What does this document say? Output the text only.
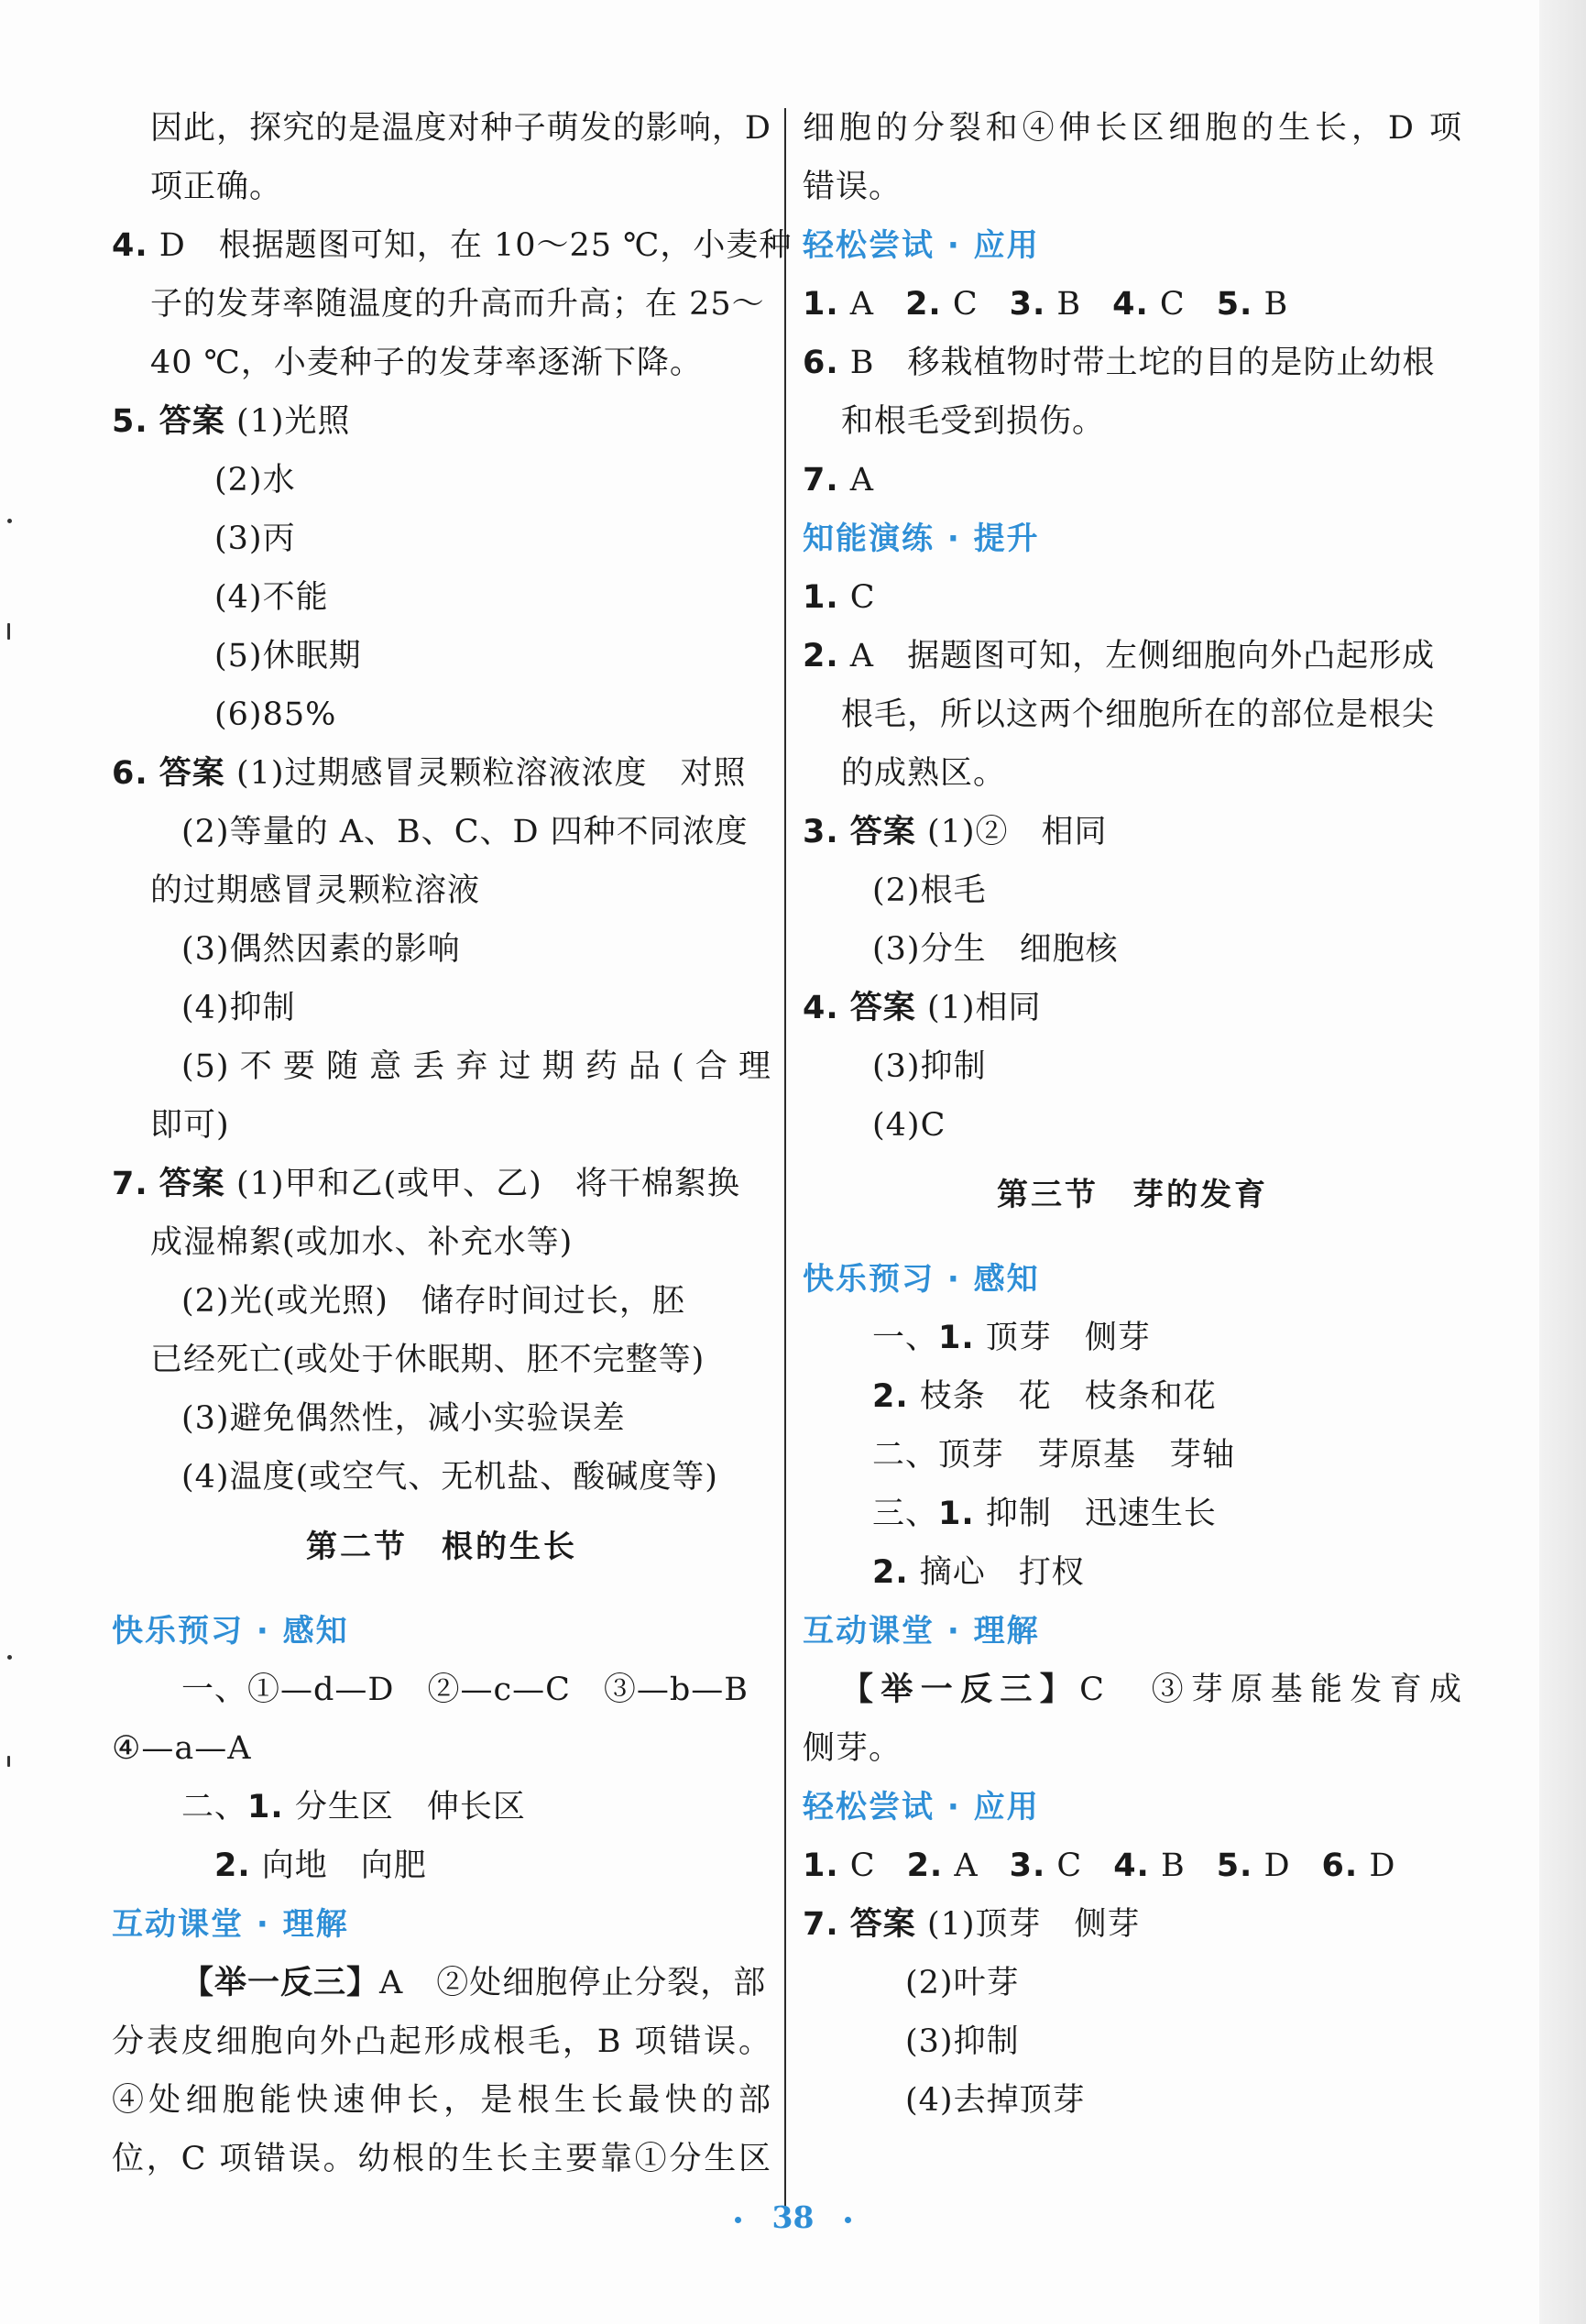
因此，探究的是温度对种子萌发的影响，D
项正确。
4. D　根据题图可知，在 10～25 ℃，小麦种
子的发芽率随温度的升高而升高；在 25～
40 ℃，小麦种子的发芽率逐渐下降。
5. 答案 (1)光照
(2)水
(3)丙
(4)不能
(5)休眠期
(6)85%
6. 答案 (1)过期感冒灵颗粒溶液浓度　对照
(2)等量的 A、B、C、D 四种不同浓度
的过期感冒灵颗粒溶液
(3)偶然因素的影响
(4)抑制
(5)不要随意丢弃过期药品(合理
即可)
7. 答案 (1)甲和乙(或甲、乙)　将干棉絮换
成湿棉絮(或加水、补充水等)
(2)光(或光照)　储存时间过长，胚
已经死亡(或处于休眠期、胚不完整等)
(3)避免偶然性，减小实验误差
(4)温度(或空气、无机盐、酸碱度等)
第二节　根的生长
快乐预习 · 感知
一、①—d—D　②—c—C　③—b—B
④—a—A
二、1. 分生区　伸长区
2. 向地　向肥
互动课堂 · 理解
【举一反三】A　②处细胞停止分裂，部
分表皮细胞向外凸起形成根毛，B 项错误。
④处细胞能快速伸长，是根生长最快的部
位，C 项错误。幼根的生长主要靠①分生区
细胞的分裂和④伸长区细胞的生长，D 项
错误。
轻松尝试 · 应用
1. A 2. C 3. B 4. C 5. B
6. B　移栽植物时带土坨的目的是防止幼根
和根毛受到损伤。
7. A
知能演练 · 提升
1. C
2. A　据题图可知，左侧细胞向外凸起形成
根毛，所以这两个细胞所在的部位是根尖
的成熟区。
3. 答案 (1)②　相同
(2)根毛
(3)分生　细胞核
4. 答案 (1)相同
(3)抑制
(4)C
第三节　芽的发育
快乐预习 · 感知
一、1. 顶芽　侧芽
2. 枝条　花　枝条和花
二、顶芽　芽原基　芽轴
三、1. 抑制　迅速生长
2. 摘心　打杈
互动课堂 · 理解
【举一反三】C　③芽原基能发育成
侧芽。
轻松尝试 · 应用
1. C 2. A 3. C 4. B 5. D 6. D
7. 答案 (1)顶芽　侧芽
(2)叶芽
(3)抑制
(4)去掉顶芽
38
